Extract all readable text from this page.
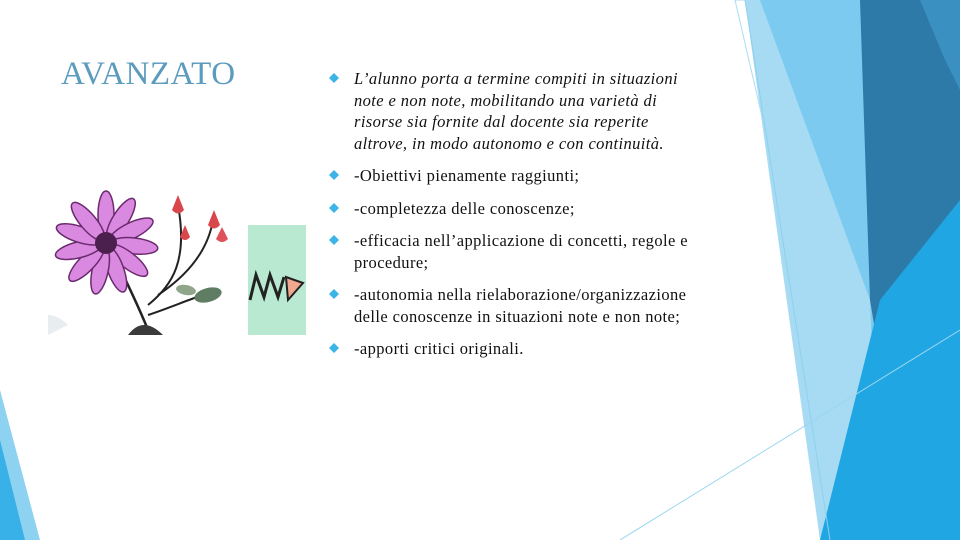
AVANZATO	L’alunno porta a termine compiti in situazioni note e non note, mobilitando una varietà di risorse sia fornite dal docente sia reperite altrove, in modo autonomo e con continuità.
-Obiettivi pienamente raggiunti;
-completezza delle conoscenze;
-efficacia nell’applicazione di concetti, regole e procedure;
-autonomia nella rielaborazione/organizzazione delle conoscenze in situazioni note e non note;
-apporti critici originali.
